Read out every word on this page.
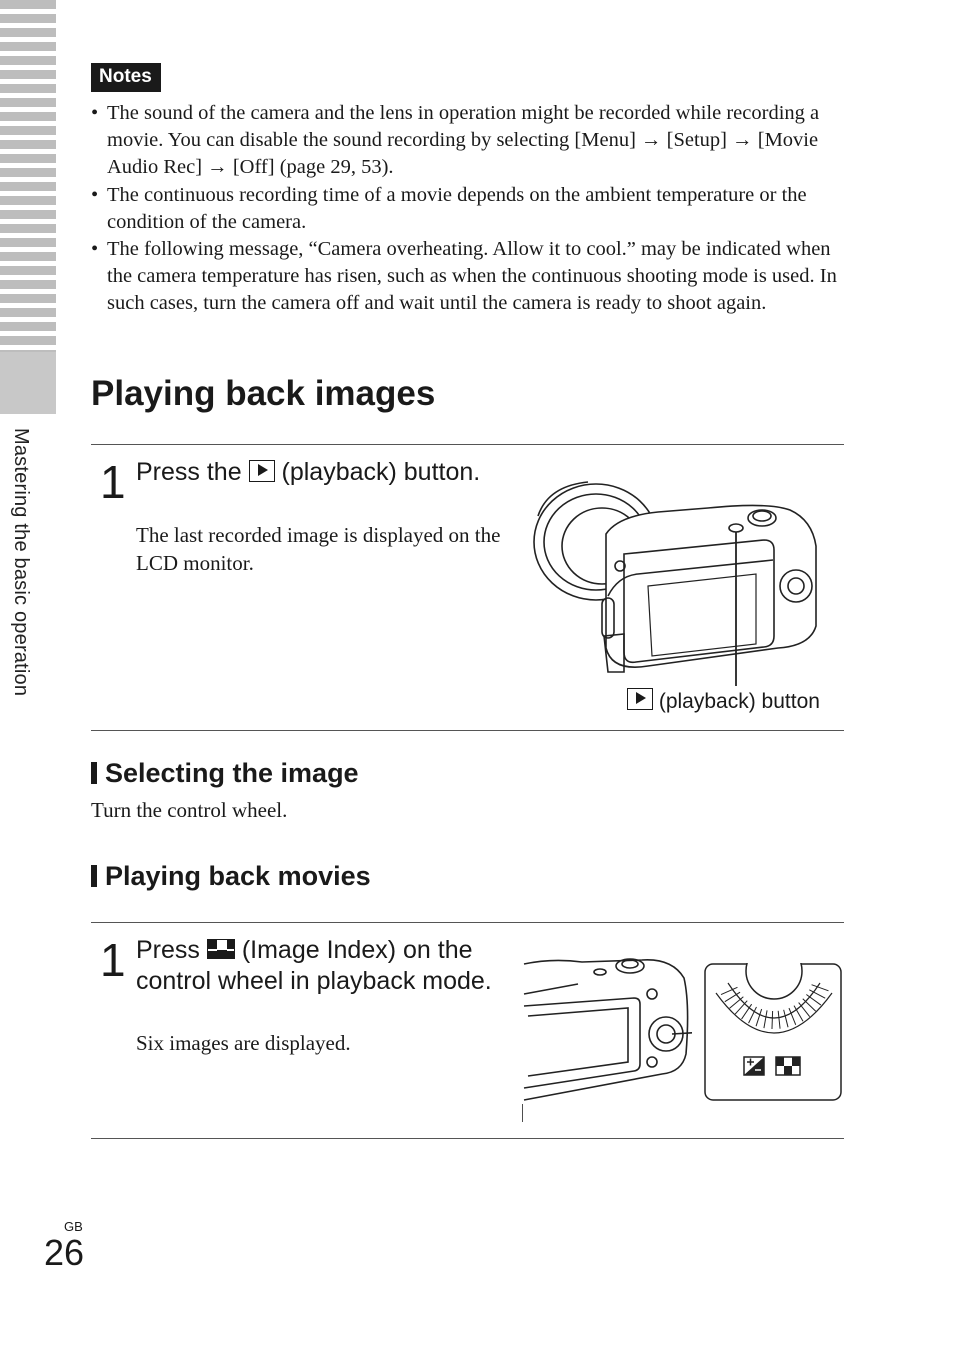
Mastering the basic operation
Notes
• The sound of the camera and the lens in operation might be recorded while recording a movie. You can disable the sound recording by selecting [Menu] → [Setup] → [Movie Audio Rec] → [Off] (page 29, 53).
• The continuous recording time of a movie depends on the ambient temperature or the condition of the camera.
• The following message, “Camera overheating. Allow it to cool.” may be indicated when the camera temperature has risen, such as when the continuous shooting mode is used. In such cases, turn the camera off and wait until the camera is ready to shoot again.
Playing back images
1 Press the (playback) button.
The last recorded image is displayed on the LCD monitor.
(playback) button
Selecting the image
Turn the control wheel.
Playing back movies
1 Press (Image Index) on the control wheel in playback mode.
Six images are displayed.
GB
26
